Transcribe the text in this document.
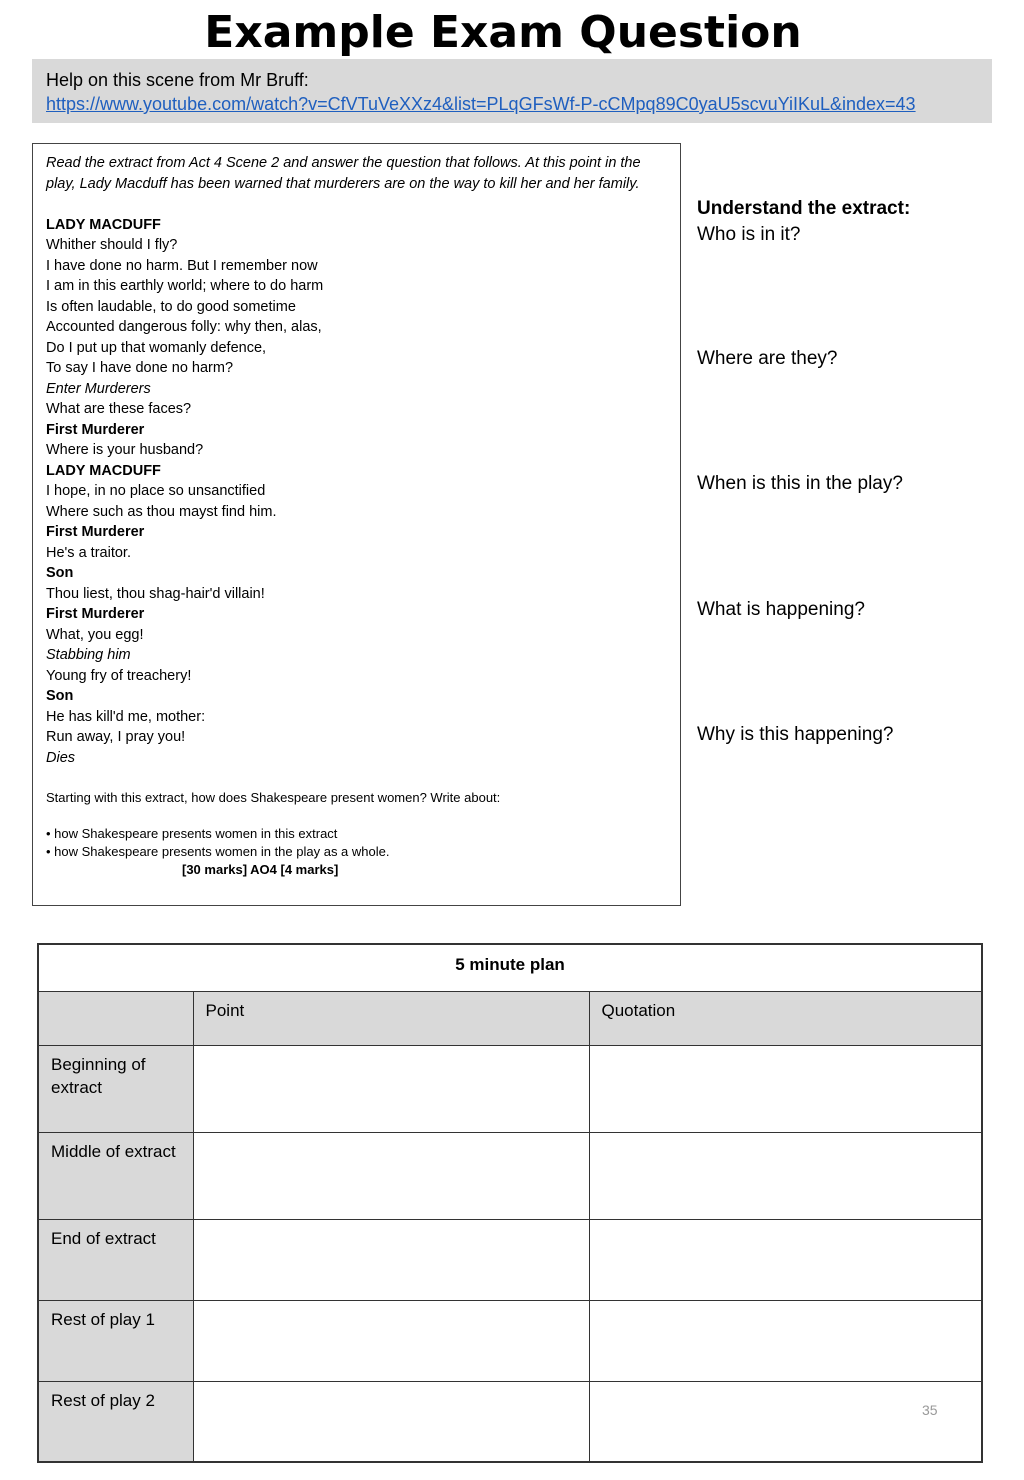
Example Exam Question
Help on this scene from Mr Bruff:
https://www.youtube.com/watch?v=CfVTuVeXXz4&list=PLqGFsWf-P-cCMpq89C0yaU5scvuYiIKuL&index=43
Read the extract from Act 4 Scene 2 and answer the question that follows. At this point in the play, Lady Macduff has been warned that murderers are on the way to kill her and her family.
LADY MACDUFF
Whither should I fly?
I have done no harm. But I remember now
I am in this earthly world; where to do harm
Is often laudable, to do good sometime
Accounted dangerous folly: why then, alas,
Do I put up that womanly defence,
To say I have done no harm?
Enter Murderers
What are these faces?
First Murderer
Where is your husband?
LADY MACDUFF
I hope, in no place so unsanctified
Where such as thou mayst find him.
First Murderer
He's a traitor.
Son
Thou liest, thou shag-hair'd villain!
First Murderer
What, you egg!
Stabbing him
Young fry of treachery!
Son
He has kill'd me, mother:
Run away, I pray you!
Dies
Starting with this extract, how does Shakespeare present women? Write about:
• how Shakespeare presents women in this extract
• how Shakespeare presents women in the play as a whole.
[30 marks] AO4 [4 marks]
Understand the extract:
Who is in it?
Where are they?
When is this in the play?
What is happening?
Why is this happening?
5 minute plan		

	Point	Quotation

Beginning of extract		

Middle of extract		

End of extract		

Rest of play 1		

Rest of play 2		

35
